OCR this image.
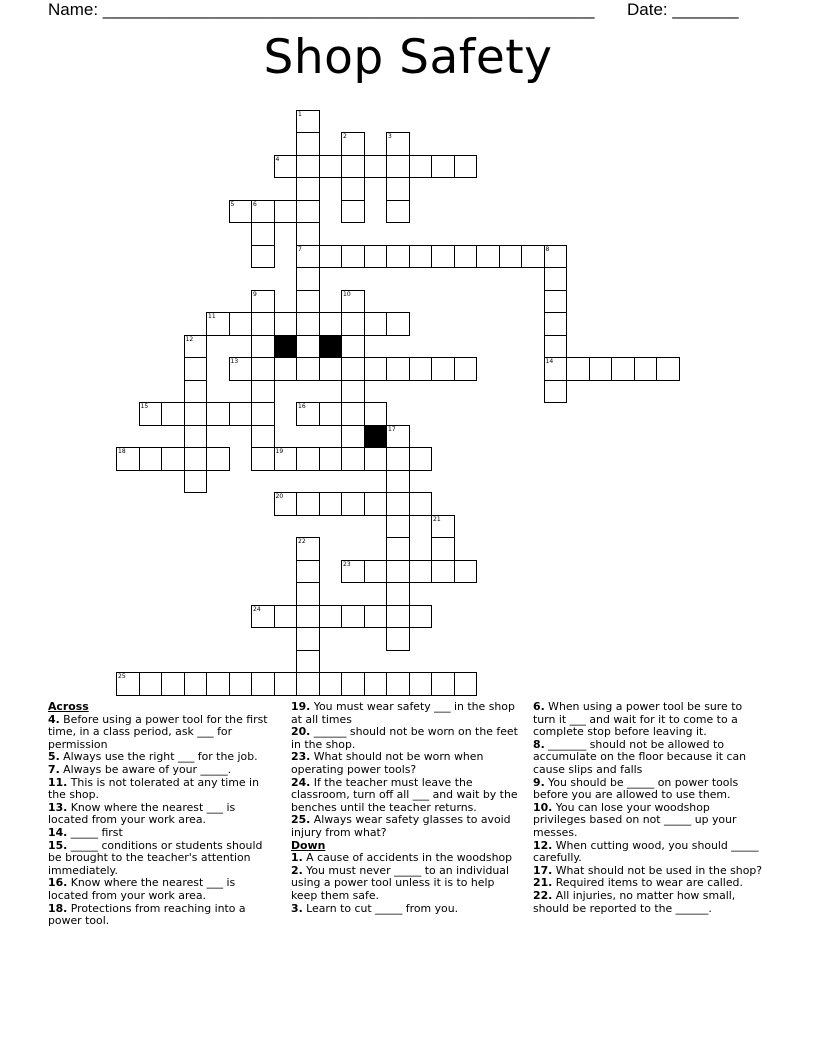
Name: ____________________________________________________ Date: _______
Shop Safety
1
7
2	3
4
5	6
8
14
9	10
11
12
13
15	16
17
18	19
20
21
22
23
24
25
Across
4. Before using a power tool for the first time, in a class period, ask ___ for permission
5. Always use the right ___ for the job.
7. Always be aware of your _____.
11. This is not tolerated at any time in the shop.
13. Know where the nearest ___ is located from your work area.
14. _____ first
15. _____ conditions or students should be brought to the teacher's attention immediately.
16. Know where the nearest ___ is located from your work area.
18. Protections from reaching into a power tool.
19. You must wear safety ___ in the shop at all times
20. ______ should not be worn on the feet in the shop.
23. What should not be worn when operating power tools?
24. If the teacher must leave the classroom, turn off all ___ and wait by the benches until the teacher returns.
25. Always wear safety glasses to avoid injury from what?
Down
1. A cause of accidents in the woodshop
2. You must never _____ to an individual using a power tool unless it is to help keep them safe.
3. Learn to cut _____ from you.
6. When using a power tool be sure to turn it ___ and wait for it to come to a complete stop before leaving it.
8. _______ should not be allowed to accumulate on the floor because it can cause slips and falls
9. You should be _____ on power tools before you are allowed to use them.
10. You can lose your woodshop privileges based on not _____ up your messes.
12. When cutting wood, you should _____ carefully.
17. What should not be used in the shop?
21. Required items to wear are called.
22. All injuries, no matter how small, should be reported to the ______.
